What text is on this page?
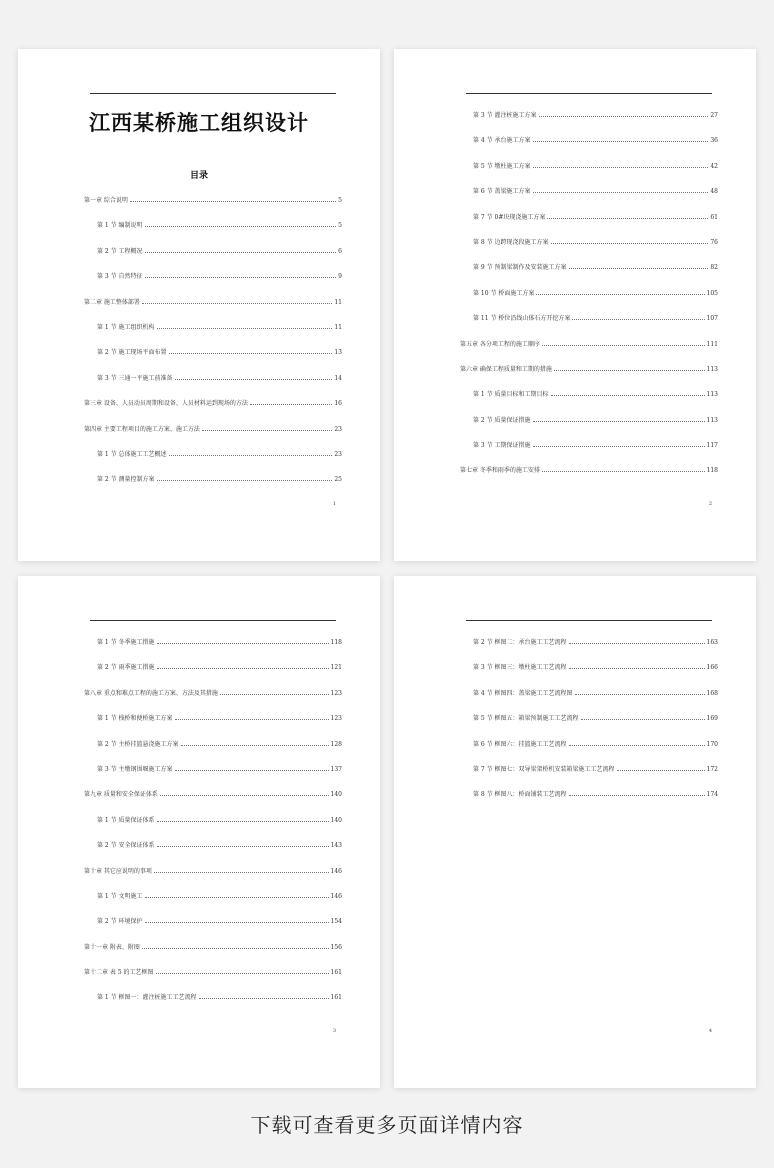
江西某桥施工组织设计
目录
第一章 综合说明	5
第 1 节 编制说明	5
第 2 节 工程概况	6
第 3 节 自然特征	9
第二章 施工整体部署	11
第 1 节 施工组织机构	11
第 2 节 施工现场平面布置	13
第 3 节 三通一平施工前准备	14
第三章 设备、人员动员周期和设备、人员材料运到现场的方法	16
第四章 主要工程项目的施工方案、施工方法	23
第 1 节 总体施工工艺概述	23
第 2 节 测量控制方案	25
1
第 3 节 灌注桩施工方案	27
第 4 节 承台施工方案	36
第 5 节 墩柱施工方案	42
第 6 节 盖梁施工方案	48
第 7 节 0#块现浇施工方案	61
第 8 节 边跨现浇段施工方案	76
第 9 节 预制梁制作及安装施工方案	82
第 10 节 桥面施工方案	105
第 11 节 桥位沿线山体石方开挖方案	107
第五章 各分项工程的施工顺序	111
第六章 确保工程质量和工期的措施	113
第 1 节 质量目标和工期目标	113
第 2 节 质量保证措施	113
第 3 节 工期保证措施	117
第七章 冬季和雨季的施工安排	118
2
第 1 节 冬季施工措施	118
第 2 节 雨季施工措施	121
第八章 重点和难点工程的施工方案、方法及其措施	123
第 1 节 栈桥和便桥施工方案	123
第 2 节 主桥挂篮悬浇施工方案	128
第 3 节 主墩钢围堰施工方案	137
第九章 质量和安全保证体系	140
第 1 节 质量保证体系	140
第 2 节 安全保证体系	143
第十章 其它应说明的事项	146
第 1 节 文明施工	146
第 2 节 环境保护	154
第十一章 附表、附图	156
第十二章 表 5 的工艺框图	161
第 1 节 框图一：灌注桩施工工艺流程	161
3
第 2 节 框图二：承台施工工艺流程	163
第 3 节 框图三：墩柱施工工艺流程	166
第 4 节 框图四：盖梁施工工艺流程图	168
第 5 节 框图五：箱梁预制施工工艺流程	169
第 6 节 框图六：挂篮施工工艺流程	170
第 7 节 框图七：双导梁架桥机安装箱梁施工工艺流程	172
第 8 节 框图八：桥面铺装工艺流程	174
4
下载可查看更多页面详情内容
